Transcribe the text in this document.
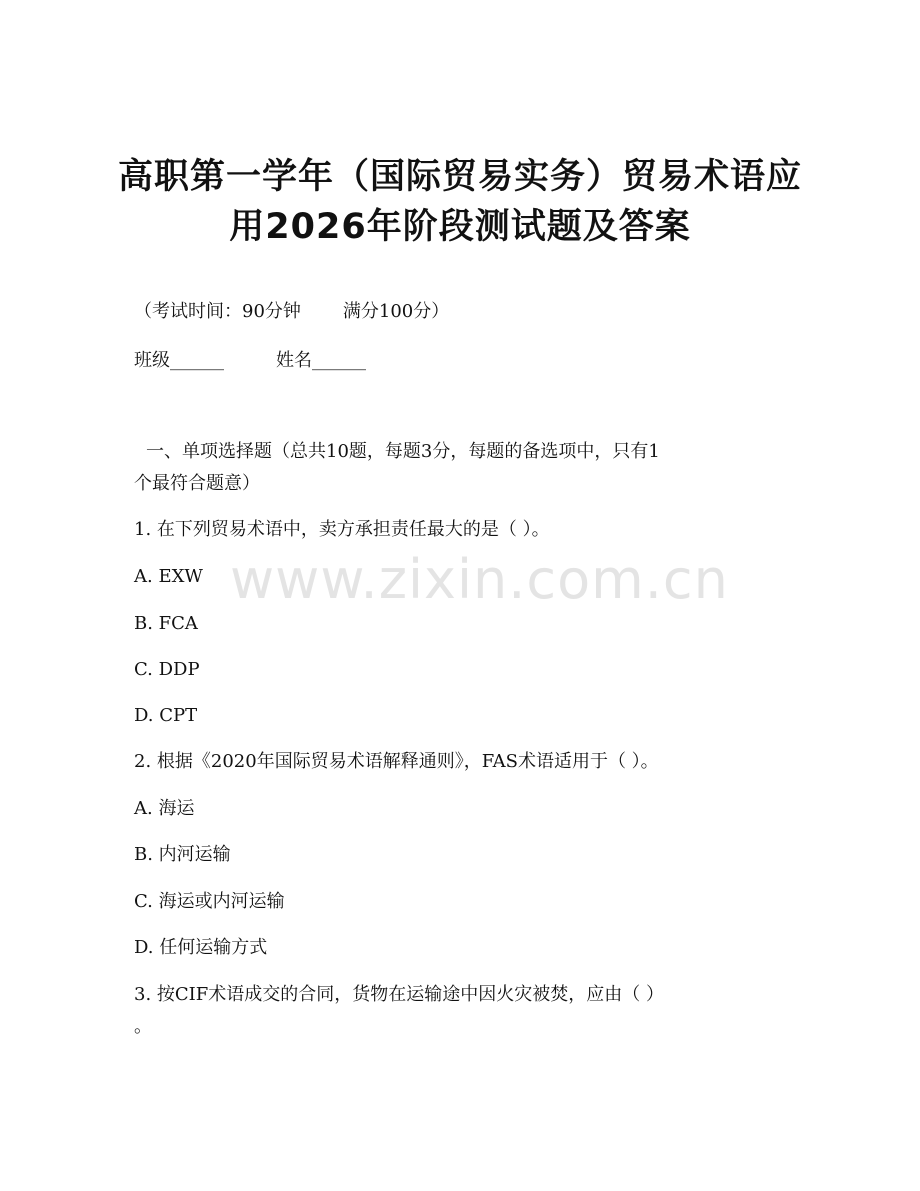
高职第一学年（国际贸易实务）贸易术语应
用2026年阶段测试题及答案
（考试时间：90分钟 满分100分）
班级______	姓名______
一、单项选择题（总共10题，每题3分，每题的备选项中，只有1
个最符合题意）
www.zixin.com.cn
1. 在下列贸易术语中，卖方承担责任最大的是（ ）。
A. EXW
B. FCA
C. DDP
D. CPT
2. 根据《2020年国际贸易术语解释通则》，FAS术语适用于（ ）。
A. 海运
B. 内河运输
C. 海运或内河运输
D. 任何运输方式
3. 按CIF术语成交的合同，货物在运输途中因火灾被焚，应由（ ）
。
